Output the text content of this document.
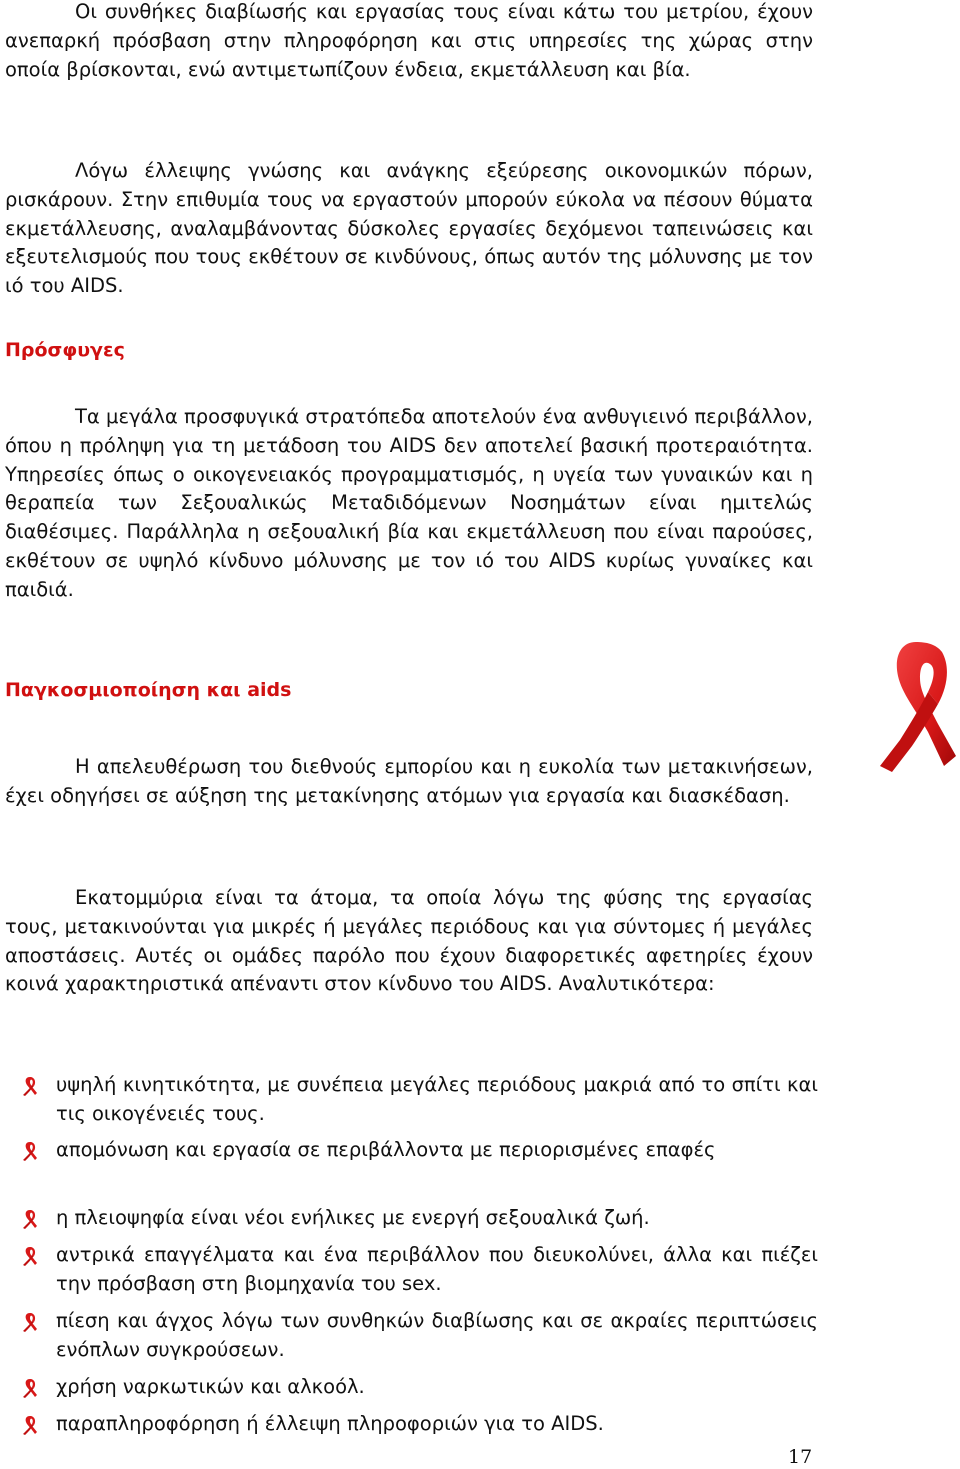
Οι συνθήκες διαβίωσής και εργασίας τους είναι κάτω του μετρίου, έχουν ανεπαρκή πρόσβαση στην πληροφόρηση και στις υπηρεσίες της χώρας στην οποία βρίσκονται, ενώ αντιμετωπίζουν ένδεια, εκμετάλλευση και βία.

Λόγω έλλειψης γνώσης και ανάγκης εξεύρεσης οικονομικών πόρων, ρισκάρουν. Στην επιθυμία τους να εργαστούν μπορούν εύκολα να πέσουν θύματα εκμετάλλευσης, αναλαμβάνοντας δύσκολες εργασίες δεχόμενοι ταπεινώσεις και εξευτελισμούς που τους εκθέτουν σε κινδύνους, όπως αυτόν της μόλυνσης με τον ιό του AIDS.

Πρόσφυγες

Τα μεγάλα προσφυγικά στρατόπεδα αποτελούν ένα ανθυγιεινό περιβάλλον, όπου η πρόληψη για τη μετάδοση του AIDS δεν αποτελεί βασική προτεραιότητα. Υπηρεσίες όπως ο οικογενειακός προγραμματισμός, η υγεία των γυναικών και η θεραπεία των Σεξουαλικώς Μεταδιδόμενων Νοσημάτων είναι ημιτελώς διαθέσιμες. Παράλληλα η σεξουαλική βία και εκμετάλλευση που είναι παρούσες, εκθέτουν σε υψηλό κίνδυνο μόλυνσης με τον ιό του AIDS κυρίως γυναίκες και παιδιά.

Παγκοσμιοποίηση και aids

Η απελευθέρωση του διεθνούς εμπορίου και η ευκολία των μετακινήσεων, έχει οδηγήσει σε αύξηση της μετακίνησης ατόμων για εργασία και διασκέδαση.

Εκατομμύρια είναι τα άτομα, τα οποία λόγω της φύσης της εργασίας τους, μετακινούνται για μικρές ή μεγάλες περιόδους και για σύντομες ή μεγάλες αποστάσεις. Αυτές οι ομάδες παρόλο που έχουν διαφορετικές αφετηρίες έχουν κοινά χαρακτηριστικά απέναντι στον κίνδυνο του AIDS. Αναλυτικότερα:

υψηλή κινητικότητα, με συνέπεια μεγάλες περιόδους μακριά από το σπίτι και τις οικογένειές τους.
απομόνωση και εργασία σε περιβάλλοντα με περιορισμένες επαφές
η πλειοψηφία είναι νέοι ενήλικες με ενεργή σεξουαλικά ζωή.
αντρικά επαγγέλματα και ένα περιβάλλον που διευκολύνει, άλλα και πιέζει την πρόσβαση στη βιομηχανία του sex.
πίεση και άγχος λόγω των συνθηκών διαβίωσης και σε ακραίες περιπτώσεις ενόπλων συγκρούσεων.
χρήση ναρκωτικών και αλκοόλ.
παραπληροφόρηση ή έλλειψη πληροφοριών για το AIDS.
17
